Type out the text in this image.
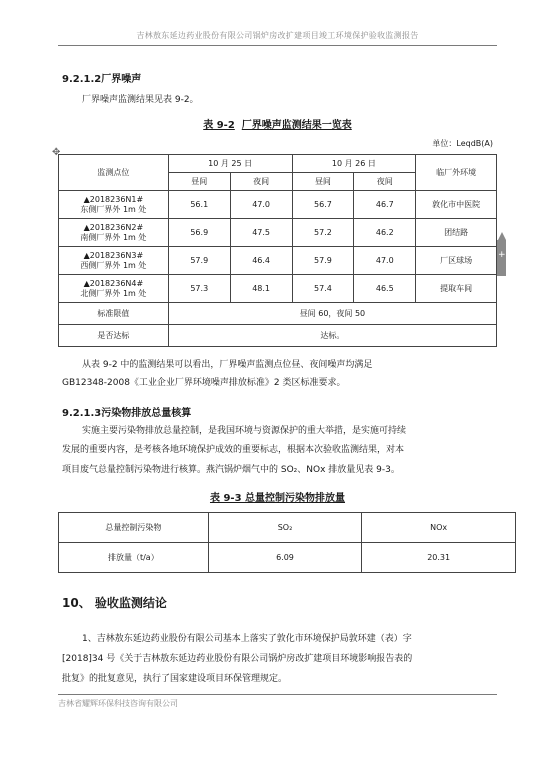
吉林敖东延边药业股份有限公司锅炉房改扩建项目竣工环境保护验收监测报告
9.2.1.2厂界噪声
厂界噪声监测结果见表 9-2。
表 9-2 厂界噪声监测结果一览表
单位：LeqdB(A)
✥
+
监测点位	10 月 25 日		10 月 26 日		临厂外环境
	昼间	夜间	昼间	夜间	

▲2018236N1#
东侧厂界外 1m 处	56.1	47.0	56.7	46.7	敦化市中医院

▲2018236N2#
南侧厂界外 1m 处	56.9	47.5	57.2	46.2	团结路

▲2018236N3#
西侧厂界外 1m 处	57.9	46.4	57.9	47.0	厂区球场

▲2018236N4#
北侧厂界外 1m 处	57.3	48.1	57.4	46.5	提取车间
标准限值	昼间 60，夜间 50				
是否达标	达标。				
从表 9-2 中的监测结果可以看出，厂界噪声监测点位昼、夜间噪声均满足
GB12348-2008《工业企业厂界环境噪声排放标准》2 类区标准要求。
9.2.1.3污染物排放总量核算
实施主要污染物排放总量控制，是我国环境与资源保护的重大举措，是实施可持续
发展的重要内容，是考核各地环境保护成效的重要标志，根据本次验收监测结果，对本
项目废气总量控制污染物进行核算。燕汽锅炉烟气中的 SO₂、NOx 排放量见表 9-3。
表 9-3 总量控制污染物排放量
总量控制污染物	SO₂	NOx
排放量（t/a）	6.09	20.31
10、 验收监测结论
1、吉林敖东延边药业股份有限公司基本上落实了敦化市环境保护局敦环建（表）字
[2018]34 号《关于吉林敖东延边药业股份有限公司锅炉房改扩建项目环境影响报告表的
批复》的批复意见，执行了国家建设项目环保管理规定。
吉林省耀辉环保科技咨询有限公司
